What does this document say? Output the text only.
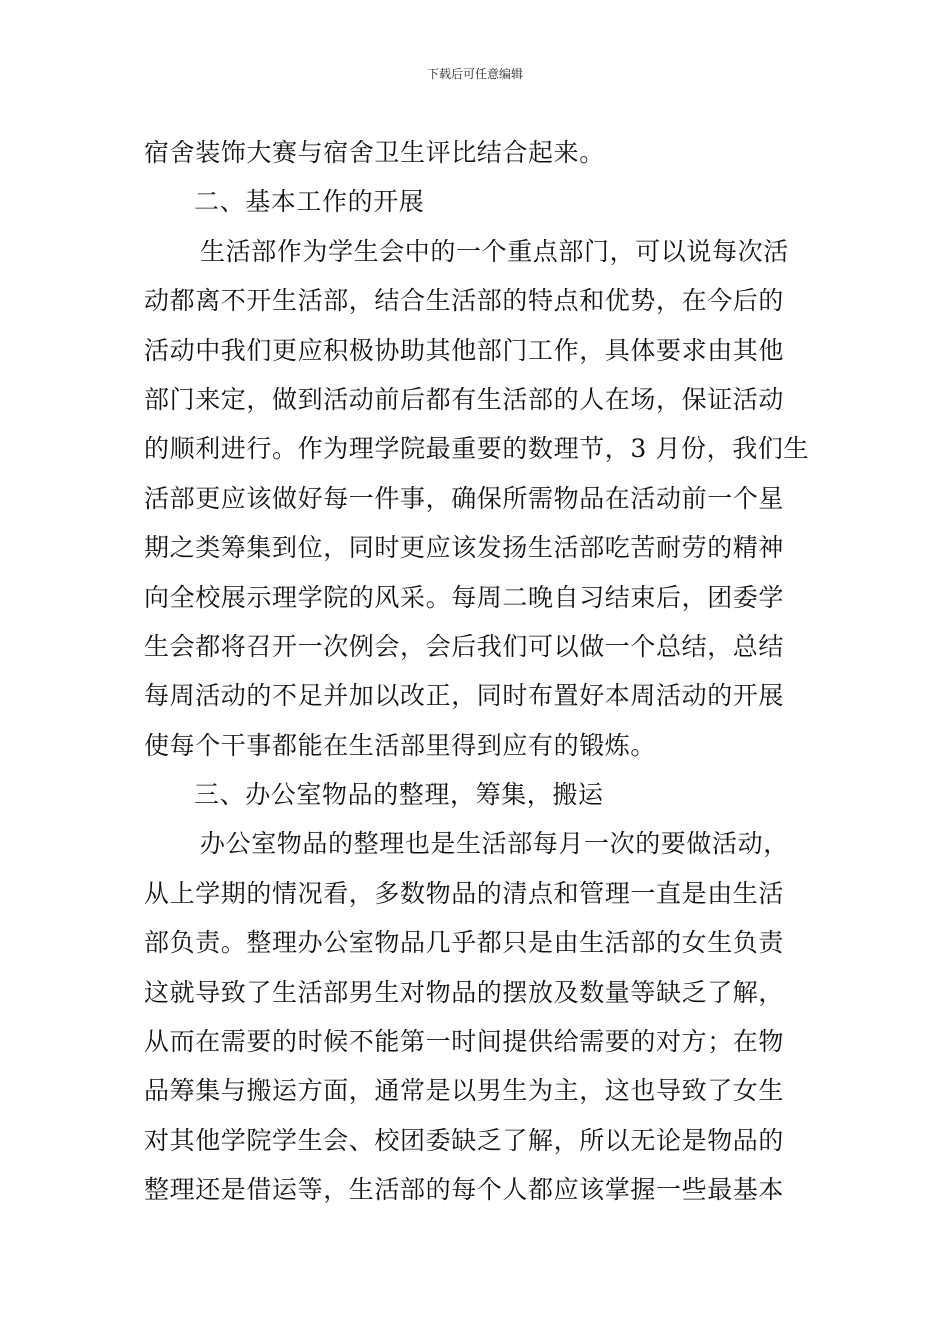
下载后可任意编辑
宿舍装饰大赛与宿舍卫生评比结合起来。
二、基本工作的开展
生活部作为学生会中的一个重点部门，可以说每次活
动都离不开生活部，结合生活部的特点和优势，在今后的
活动中我们更应积极协助其他部门工作，具体要求由其他
部门来定，做到活动前后都有生活部的人在场，保证活动
的顺利进行。作为理学院最重要的数理节，3 月份，我们生
活部更应该做好每一件事，确保所需物品在活动前一个星
期之类筹集到位，同时更应该发扬生活部吃苦耐劳的精神
向全校展示理学院的风采。每周二晚自习结束后，团委学
生会都将召开一次例会，会后我们可以做一个总结，总结
每周活动的不足并加以改正，同时布置好本周活动的开展
使每个干事都能在生活部里得到应有的锻炼。
三、办公室物品的整理，筹集，搬运
办公室物品的整理也是生活部每月一次的要做活动，
从上学期的情况看，多数物品的清点和管理一直是由生活
部负责。整理办公室物品几乎都只是由生活部的女生负责
这就导致了生活部男生对物品的摆放及数量等缺乏了解，
从而在需要的时候不能第一时间提供给需要的对方；在物
品筹集与搬运方面，通常是以男生为主，这也导致了女生
对其他学院学生会、校团委缺乏了解，所以无论是物品的
整理还是借运等，生活部的每个人都应该掌握一些最基本
